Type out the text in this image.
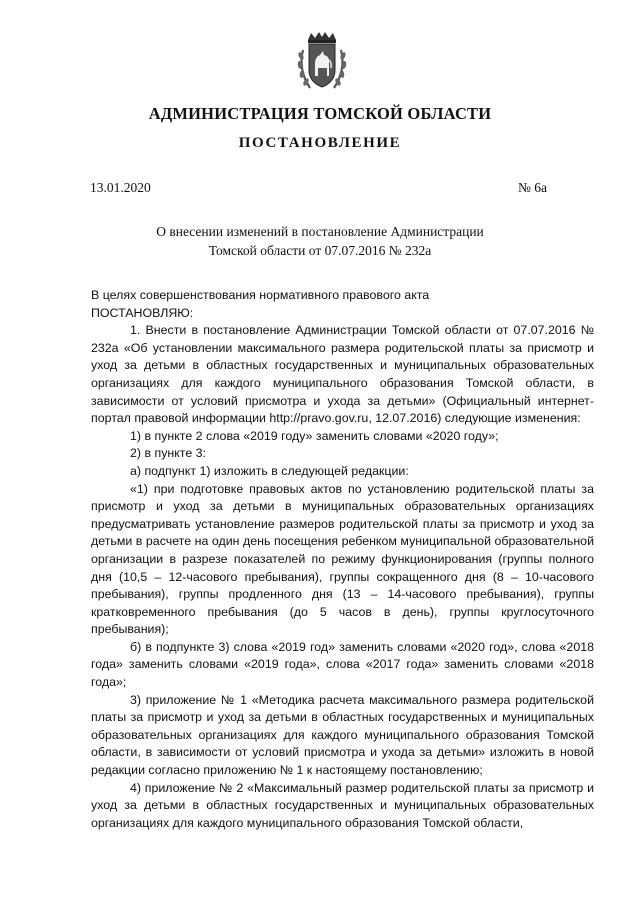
АДМИНИСТРАЦИЯ ТОМСКОЙ ОБЛАСТИ
ПОСТАНОВЛЕНИЕ
13.01.2020	№ 6а
О внесении изменений в постановление Администрации
Томской области от 07.07.2016 № 232а

В целях совершенствования нормативного правового акта

ПОСТАНОВЛЯЮ:

1. Внести в постановление Администрации Томской области от 07.07.2016 № 232а «Об установлении максимального размера родительской платы за присмотр и уход за детьми в областных государственных и муниципальных образовательных организациях для каждого муниципального образования Томской области, в зависимости от условий присмотра и ухода за детьми» (Официальный интернет-портал правовой информации http://pravo.gov.ru, 12.07.2016) следующие изменения:

1) в пункте 2 слова «2019 году» заменить словами «2020 году»;

2) в пункте 3:

а) подпункт 1) изложить в следующей редакции:

«1) при подготовке правовых актов по установлению родительской платы за присмотр и уход за детьми в муниципальных образовательных организациях предусматривать установление размеров родительской платы за присмотр и уход за детьми в расчете на один день посещения ребенком муниципальной образовательной организации в разрезе показателей по режиму функционирования (группы полного дня (10,5 – 12-часового пребывания), группы сокращенного дня (8 – 10-часового пребывания), группы продленного дня (13 – 14-часового пребывания), группы кратковременного пребывания (до 5 часов в день), группы круглосуточного пребывания);

б) в подпункте 3) слова «2019 год» заменить словами «2020 год», слова «2018 года» заменить словами «2019 года», слова «2017 года» заменить словами «2018 года»;

3) приложение № 1 «Методика расчета максимального размера родительской платы за присмотр и уход за детьми в областных государственных и муниципальных образовательных организациях для каждого муниципального образования Томской области, в зависимости от условий присмотра и ухода за детьми» изложить в новой редакции согласно приложению № 1 к настоящему постановлению;

4) приложение № 2 «Максимальный размер родительской платы за присмотр и уход за детьми в областных государственных и муниципальных образовательных организациях для каждого муниципального образования Томской области,
